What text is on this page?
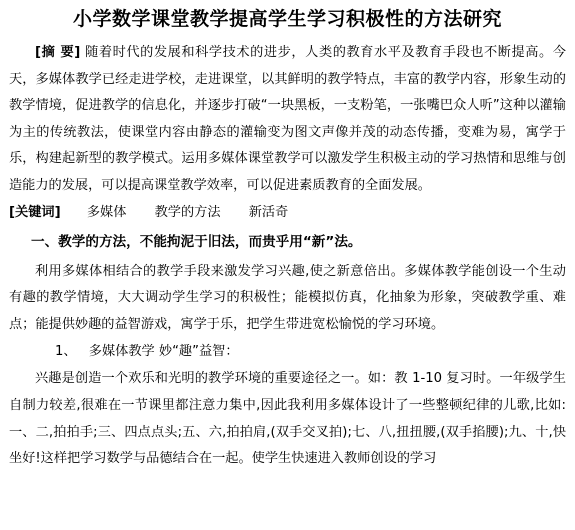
小学数学课堂教学提高学生学习积极性的方法研究

[摘 要] 随着时代的发展和科学技术的进步，人类的教育水平及教育手段也不断提高。今天，多媒体教学已经走进学校，走进课堂，以其鲜明的教学特点，丰富的教学内容，形象生动的教学情境，促进教学的信息化，并逐步打破“一块黑板，一支粉笔，一张嘴巴众人听”这种以灌输为主的传统教法，使课堂内容由静态的灌输变为图文声像并茂的动态传播，变难为易，寓学于乐，构建起新型的教学模式。运用多媒体课堂教学可以激发学生积极主动的学习热情和思维与创造能力的发展，可以提高课堂教学效率，可以促进素质教育的全面发展。

[关键词] 多媒体 教学的方法 新活奇

一、教学的方法，不能拘泥于旧法，而贵乎用“新”法。

利用多媒体相结合的教学手段来激发学习兴趣,使之新意倍出。多媒体教学能创设一个生动有趣的教学情境，大大调动学生学习的积极性；能模拟仿真，化抽象为形象，突破教学重、难点；能提供妙趣的益智游戏，寓学于乐，把学生带进宽松愉悦的学习环境。

1、 多媒体教学 妙“趣”益智：

兴趣是创造一个欢乐和光明的教学环境的重要途径之一。如：教 1-10 复习时。一年级学生自制力较差,很难在一节课里都注意力集中,因此我利用多媒体设计了一些整顿纪律的儿歌,比如:一、二,拍拍手;三、四点点头;五、六,拍拍肩,(双手交叉拍);七、八,扭扭腰,(双手掐腰);九、十,快坐好!这样把学习数学与品德结合在一起。使学生快速进入教师创设的学习
